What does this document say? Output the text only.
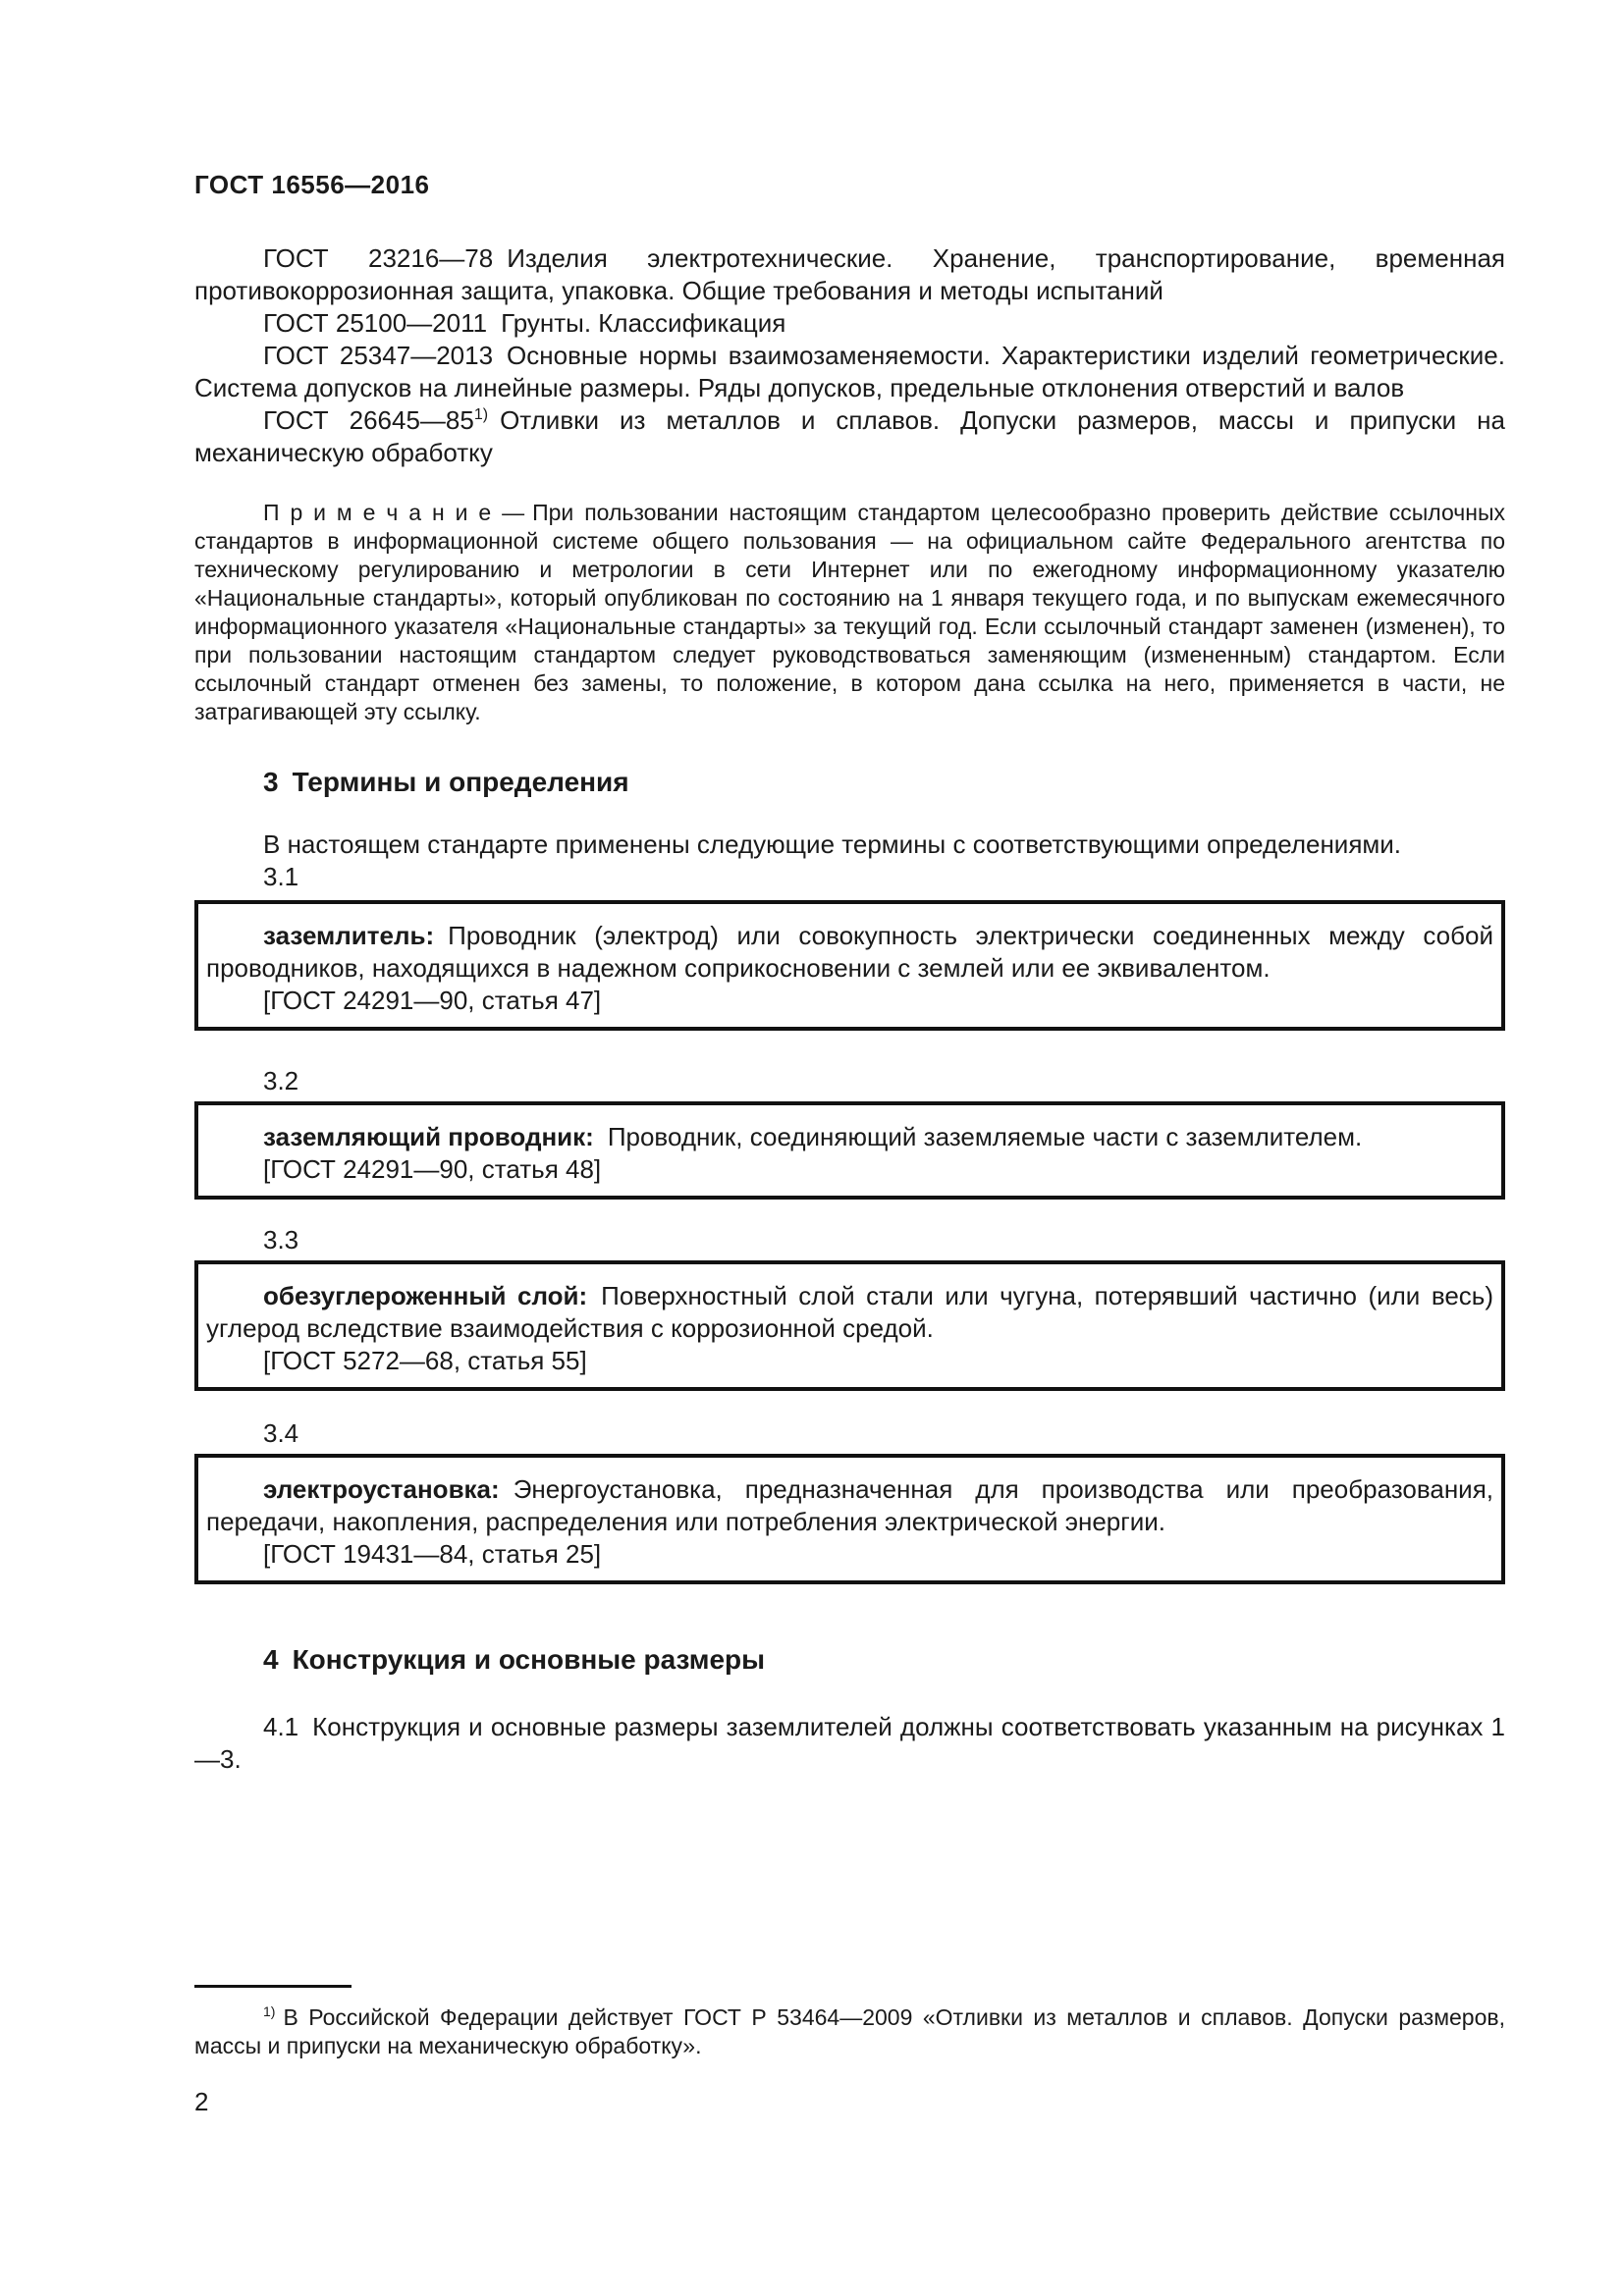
ГОСТ 16556—2016

ГОСТ 23216—78 Изделия электротехнические. Хранение, транспортирование, временная противокоррозионная защита, упаковка. Общие требования и методы испытаний

ГОСТ 25100—2011 Грунты. Классификация

ГОСТ 25347—2013 Основные нормы взаимозаменяемости. Характеристики изделий геометрические. Система допусков на линейные размеры. Ряды допусков, предельные отклонения отверстий и валов

ГОСТ 26645—85$^{1)}$ Отливки из металлов и сплавов. Допуски размеров, массы и припуски на механическую обработку

П р и м е ч а н и е — При пользовании настоящим стандартом целесообразно проверить действие ссылочных стандартов в информационной системе общего пользования — на официальном сайте Федерального агентства по техническому регулированию и метрологии в сети Интернет или по ежегодному информационному указателю «Национальные стандарты», который опубликован по состоянию на 1 января текущего года, и по выпускам ежемесячного информационного указателя «Национальные стандарты» за текущий год. Если ссылочный стандарт заменен (изменен), то при пользовании настоящим стандартом следует руководствоваться заменяющим (измененным) стандартом. Если ссылочный стандарт отменен без замены, то положение, в котором дана ссылка на него, применяется в части, не затрагивающей эту ссылку.

3 Термины и определения

В настоящем стандарте применены следующие термины с соответствующими определениями.

3.1

заземлитель: Проводник (электрод) или совокупность электрически соединенных между собой проводников, находящихся в надежном соприкосновении с землей или ее эквивалентом.

[ГОСТ 24291—90, статья 47]

3.2

заземляющий проводник: Проводник, соединяющий заземляемые части с заземлителем.

[ГОСТ 24291—90, статья 48]

3.3

обезуглероженный слой: Поверхностный слой стали или чугуна, потерявший частично (или весь) углерод вследствие взаимодействия с коррозионной средой.

[ГОСТ 5272—68, статья 55]

3.4

электроустановка: Энергоустановка, предназначенная для производства или преобразования, передачи, накопления, распределения или потребления электрической энергии.

[ГОСТ 19431—84, статья 25]

4 Конструкция и основные размеры

4.1 Конструкция и основные размеры заземлителей должны соответствовать указанным на рисунках 1—3.

$^{1)}$ В Российской Федерации действует ГОСТ Р 53464—2009 «Отливки из металлов и сплавов. Допуски размеров, массы и припуски на механическую обработку».

2
